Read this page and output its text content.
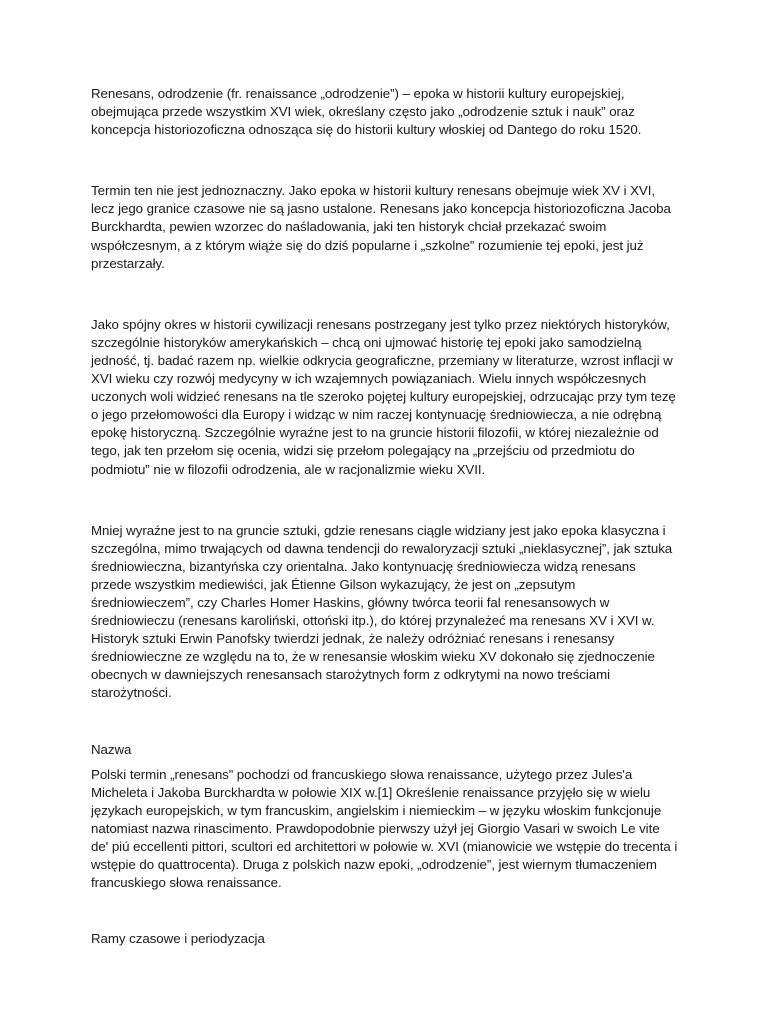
Renesans, odrodzenie (fr. renaissance „odrodzenie”) – epoka w historii kultury europejskiej, obejmująca przede wszystkim XVI wiek, określany często jako „odrodzenie sztuk i nauk” oraz koncepcja historiozoficzna odnosząca się do historii kultury włoskiej od Dantego do roku 1520.

Termin ten nie jest jednoznaczny. Jako epoka w historii kultury renesans obejmuje wiek XV i XVI, lecz jego granice czasowe nie są jasno ustalone. Renesans jako koncepcja historiozoficzna Jacoba Burckhardta, pewien wzorzec do naśladowania, jaki ten historyk chciał przekazać swoim współczesnym, a z którym wiąże się do dziś popularne i „szkolne” rozumienie tej epoki, jest już przestarzały.

Jako spójny okres w historii cywilizacji renesans postrzegany jest tylko przez niektórych historyków, szczególnie historyków amerykańskich – chcą oni ujmować historię tej epoki jako samodzielną jedność, tj. badać razem np. wielkie odkrycia geograficzne, przemiany w literaturze, wzrost inflacji w XVI wieku czy rozwój medycyny w ich wzajemnych powiązaniach. Wielu innych współczesnych uczonych woli widzieć renesans na tle szeroko pojętej kultury europejskiej, odrzucając przy tym tezę o jego przełomowości dla Europy i widząc w nim raczej kontynuację średniowiecza, a nie odrębną epokę historyczną. Szczególnie wyraźne jest to na gruncie historii filozofii, w której niezależnie od tego, jak ten przełom się ocenia, widzi się przełom polegający na „przejściu od przedmiotu do podmiotu” nie w filozofii odrodzenia, ale w racjonalizmie wieku XVII.

Mniej wyraźne jest to na gruncie sztuki, gdzie renesans ciągle widziany jest jako epoka klasyczna i szczególna, mimo trwających od dawna tendencji do rewaloryzacji sztuki „nieklasycznej”, jak sztuka średniowieczna, bizantyńska czy orientalna. Jako kontynuację średniowiecza widzą renesans przede wszystkim mediewiści, jak Étienne Gilson wykazujący, że jest on „zepsutym średniowieczem”, czy Charles Homer Haskins, główny twórca teorii fal renesansowych w średniowieczu (renesans karoliński, ottoński itp.), do której przynależeć ma renesans XV i XVI w. Historyk sztuki Erwin Panofsky twierdzi jednak, że należy odróżniać renesans i renesansy średniowieczne ze względu na to, że w renesansie włoskim wieku XV dokonało się zjednoczenie obecnych w dawniejszych renesansach starożytnych form z odkrytymi na nowo treściami starożytności.

Nazwa

Polski termin „renesans” pochodzi od francuskiego słowa renaissance, użytego przez Jules'a Micheleta i Jakoba Burckhardta w połowie XIX w.[1] Określenie renaissance przyjęło się w wielu językach europejskich, w tym francuskim, angielskim i niemieckim – w języku włoskim funkcjonuje natomiast nazwa rinascimento. Prawdopodobnie pierwszy użył jej Giorgio Vasari w swoich Le vite de' piú eccellenti pittori, scultori ed architettori w połowie w. XVI (mianowicie we wstępie do trecenta i wstępie do quattrocenta). Druga z polskich nazw epoki, „odrodzenie”, jest wiernym tłumaczeniem francuskiego słowa renaissance.

Ramy czasowe i periodyzacja
